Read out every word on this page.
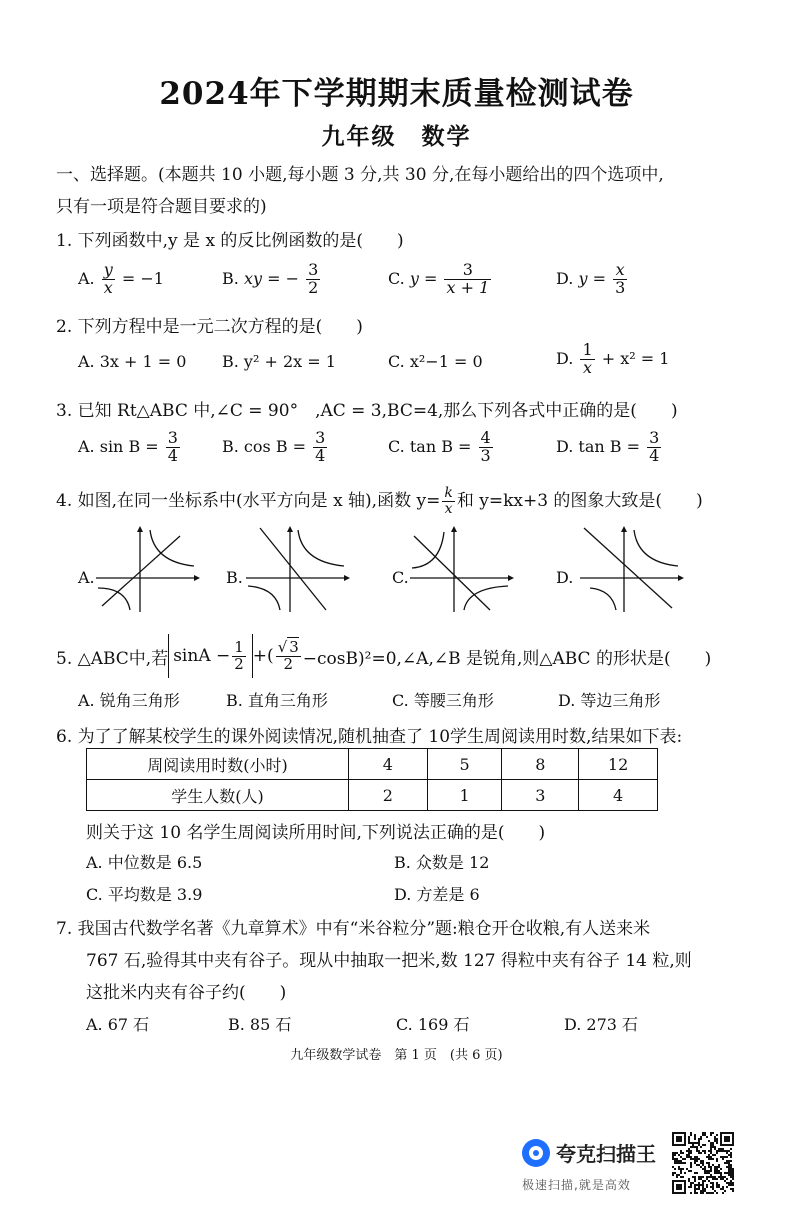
2024年下学期期末质量检测试卷
九年级　数学
一、选择题。(本题共 10 小题,每小题 3 分,共 30 分,在每小题给出的四个选项中,
只有一项是符合题目要求的)
1. 下列函数中,y 是 x 的反比例函数的是(　　)
A. $\frac{y}{x} = -1$	B. xy = − $\frac{3}{2}$	C. $y = \frac{3}{x + 1}$	D. $y = \frac{x}{3}$
2. 下列方程中是一元二次方程的是(　　)
A. 3x + 1 = 0 B. y² + 2x = 1	C. x²−1 = 0	D. $\frac{1}{x} + x^2 = 1$
3. 已知 Rt△ABC 中,∠C = 90°　,AC = 3,BC=4,那么下列各式中正确的是(　　)
A. $\sin B = \frac{3}{4}$	B. $\cos B = \frac{3}{4}$	C. $\tan B = \frac{4}{3}$	D. $\tan B = \frac{3}{4}$
4. 如图,在同一坐标系中(水平方向是 x 轴),函数 $y= \frac{k}{x}$ 和 y=kx+3 的图象大致是(　　)
A.	B.	C.	D.
5. △ABC中,若 $\sin A - \frac{1}{2}$ +( $\frac{√ 3}{2}$ −cosB)²=0,∠A,∠B 是锐角,则△ABC 的形状是(　　)
A. 锐角三角形	B. 直角三角形	C. 等腰三角形	D. 等边三角形
6. 为了了解某校学生的课外阅读情况,随机抽查了 10学生周阅读用时数,结果如下表:
周阅读用时数(小时)	4	5	8	12
学生人数(人)	2	1	3	4
则关于这 10 名学生周阅读所用时间,下列说法正确的是(　　)
A. 中位数是 6.5	B. 众数是 12
C. 平均数是 3.9	D. 方差是 6
7. 我国古代数学名著《九章算术》中有“米谷粒分”题:粮仓开仓收粮,有人送来米
767 石,验得其中夹有谷子。现从中抽取一把米,数 127 得粒中夹有谷子 14 粒,则
这批米内夹有谷子约(　　)
A. 67 石	B. 85 石	C. 169 石	D. 273 石
九年级数学试卷　第 1 页　(共 6 页)
夸克扫描王
极速扫描,就是高效
